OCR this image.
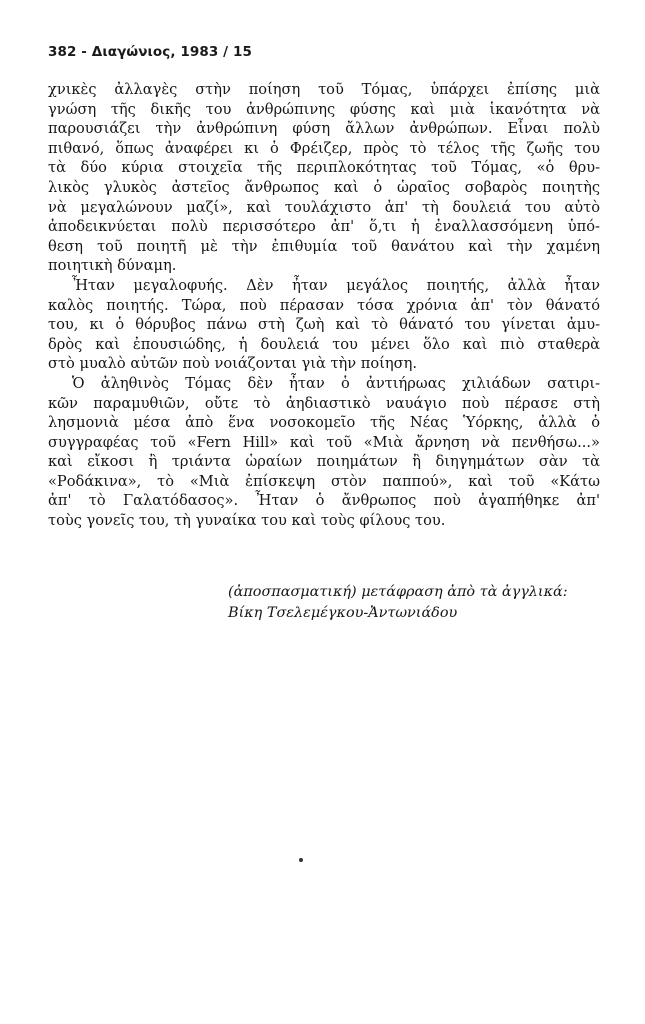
382 - Διαγώνιος, 1983 / 15
χνικὲς ἀλλαγὲς στὴν ποίηση τοῦ Τόμας, ὑπάρχει ἐπίσης μιὰ
γνώση τῆς δικῆς του ἀνθρώπινης φύσης καὶ μιὰ ἱκανότητα νὰ
παρουσιάζει τὴν ἀνθρώπινη φύση ἄλλων ἀνθρώπων. Εἶναι πολὺ
πιθανό, ὅπως ἀναφέρει κι ὁ Φρέιζερ, πρὸς τὸ τέλος τῆς ζωῆς του
τὰ δύο κύρια στοιχεῖα τῆς περιπλοκότητας τοῦ Τόμας, «ὁ θρυ-
λικὸς γλυκὸς ἀστεῖος ἄνθρωπος καὶ ὁ ὡραῖος σοβαρὸς ποιητὴς
νὰ μεγαλώνουν μαζί», καὶ τουλάχιστο ἀπ' τὴ δουλειά του αὐτὸ
ἀποδεικνύεται πολὺ περισσότερο ἀπ' ὅ,τι ἡ ἐναλλασσόμενη ὑπό-
θεση τοῦ ποιητῆ μὲ τὴν ἐπιθυμία τοῦ θανάτου καὶ τὴν χαμένη
ποιητικὴ δύναμη.
Ἦταν μεγαλοφυής. Δὲν ἦταν μεγάλος ποιητής, ἀλλὰ ἦταν
καλὸς ποιητής. Τώρα, ποὺ πέρασαν τόσα χρόνια ἀπ' τὸν θάνατό
του, κι ὁ θόρυβος πάνω στὴ ζωὴ καὶ τὸ θάνατό του γίνεται ἀμυ-
δρὸς καὶ ἐπουσιώδης, ἡ δουλειά του μένει ὅλο καὶ πιὸ σταθερὰ
στὸ μυαλὸ αὐτῶν ποὺ νοιάζονται γιὰ τὴν ποίηση.
Ὁ ἀληθινὸς Τόμας δὲν ἦταν ὁ ἀντιήρωας χιλιάδων σατιρι-
κῶν παραμυθιῶν, οὔτε τὸ ἀηδιαστικὸ ναυάγιο ποὺ πέρασε στὴ
λησμονιὰ μέσα ἀπὸ ἕνα νοσοκομεῖο τῆς Νέας Ὑόρκης, ἀλλὰ ὁ
συγγραφέας τοῦ «Fern Hill» καὶ τοῦ «Μιὰ ἄρνηση νὰ πενθήσω...»
καὶ εἴκοσι ἢ τριάντα ὡραίων ποιημάτων ἢ διηγημάτων σὰν τὰ
«Ροδάκινα», τὸ «Μιὰ ἐπίσκεψη στὸν παππού», καὶ τοῦ «Κάτω
ἀπ' τὸ Γαλατόδασος». Ἦταν ὁ ἄνθρωπος ποὺ ἀγαπήθηκε ἀπ'
τοὺς γονεῖς του, τὴ γυναίκα του καὶ τοὺς φίλους του.
(ἀποσπασματική) μετάφραση ἀπὸ τὰ ἀγγλικά:
Βίκη Τσελεμέγκου-Ἀντωνιάδου
